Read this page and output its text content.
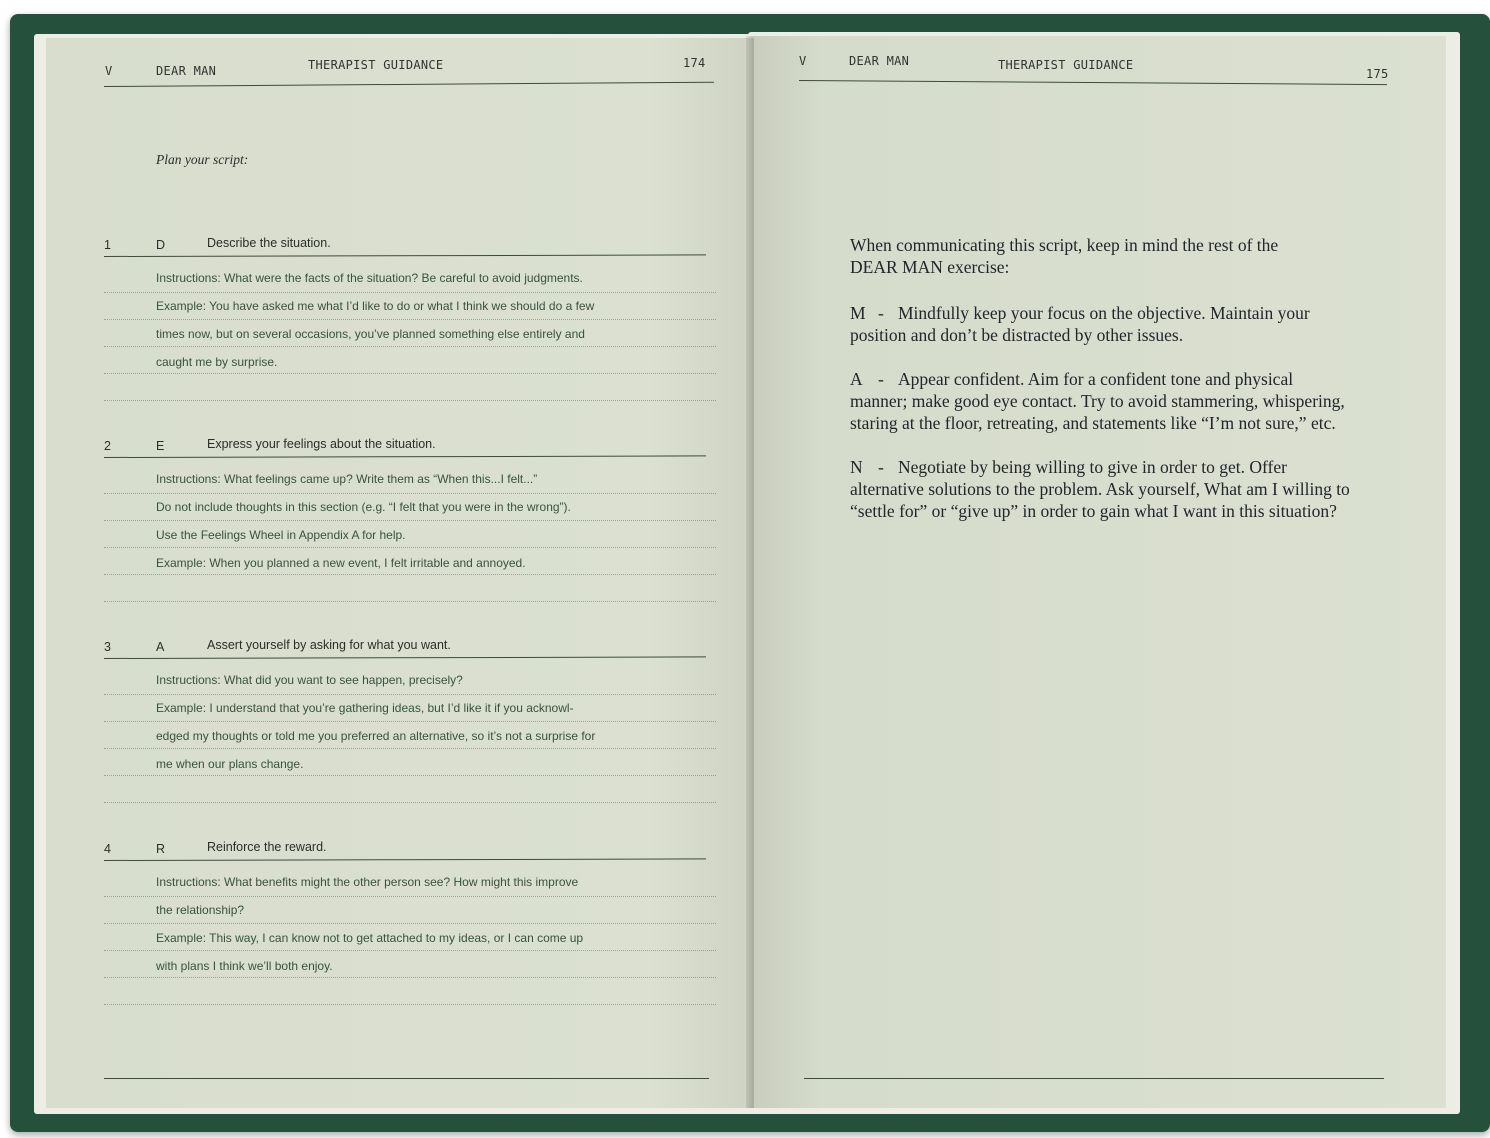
V	DEAR MAN	THERAPIST GUIDANCE	174
Plan your script:
1	D	Describe the situation.
Instructions: What were the facts of the situation? Be careful to avoid judgments.
Example: You have asked me what I’d like to do or what I think we should do a few
times now, but on several occasions, you’ve planned something else entirely and
caught me by surprise.
2	E	Express your feelings about the situation.
Instructions: What feelings came up? Write them as “When this...I felt...”
Do not include thoughts in this section (e.g. “I felt that you were in the wrong”).
Use the Feelings Wheel in Appendix A for help.
Example: When you planned a new event, I felt irritable and annoyed.
3	A	Assert yourself by asking for what you want.
Instructions: What did you want to see happen, precisely?
Example: I understand that you’re gathering ideas, but I’d like it if you acknowl-
edged my thoughts or told me you preferred an alternative, so it’s not a surprise for
me when our plans change.
4	R	Reinforce the reward.
Instructions: What benefits might the other person see? How might this improve
the relationship?
Example: This way, I can know not to get attached to my ideas, or I can come up
with plans I think we’ll both enjoy.
V	DEAR MAN	THERAPIST GUIDANCE
175
When communicating this script, keep in mind the rest of the DEAR MAN exercise:
M - Mindfully keep your focus on the objective. Maintain your position and don’t be distracted by other issues.
A - Appear confident. Aim for a confident tone and physical manner; make good eye contact. Try to avoid stammering, whispering, staring at the floor, retreating, and statements like “I’m not sure,” etc.
N - Negotiate by being willing to give in order to get. Offer alternative solutions to the problem. Ask yourself, What am I willing to “settle for” or “give up” in order to gain what I want in this situation?
